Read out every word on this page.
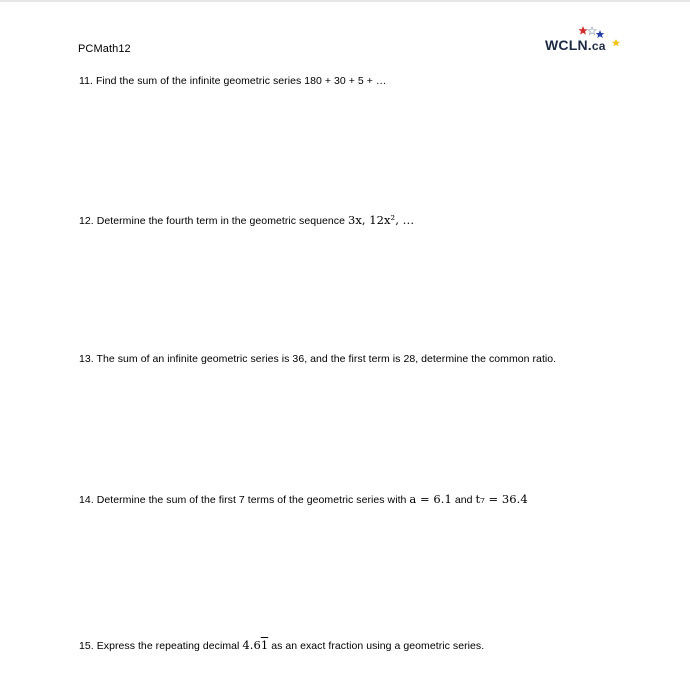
PCMath12	WCLN.ca
11. Find the sum of the infinite geometric series 180 + 30 + 5 + …
12. Determine the fourth term in the geometric sequence 3x, 12x², …
13. The sum of an infinite geometric series is 36, and the first term is 28, determine the common ratio.
14. Determine the sum of the first 7 terms of the geometric series with a = 6.1 and t₇ = 36.4
15. Express the repeating decimal 4.61 as an exact fraction using a geometric series.
